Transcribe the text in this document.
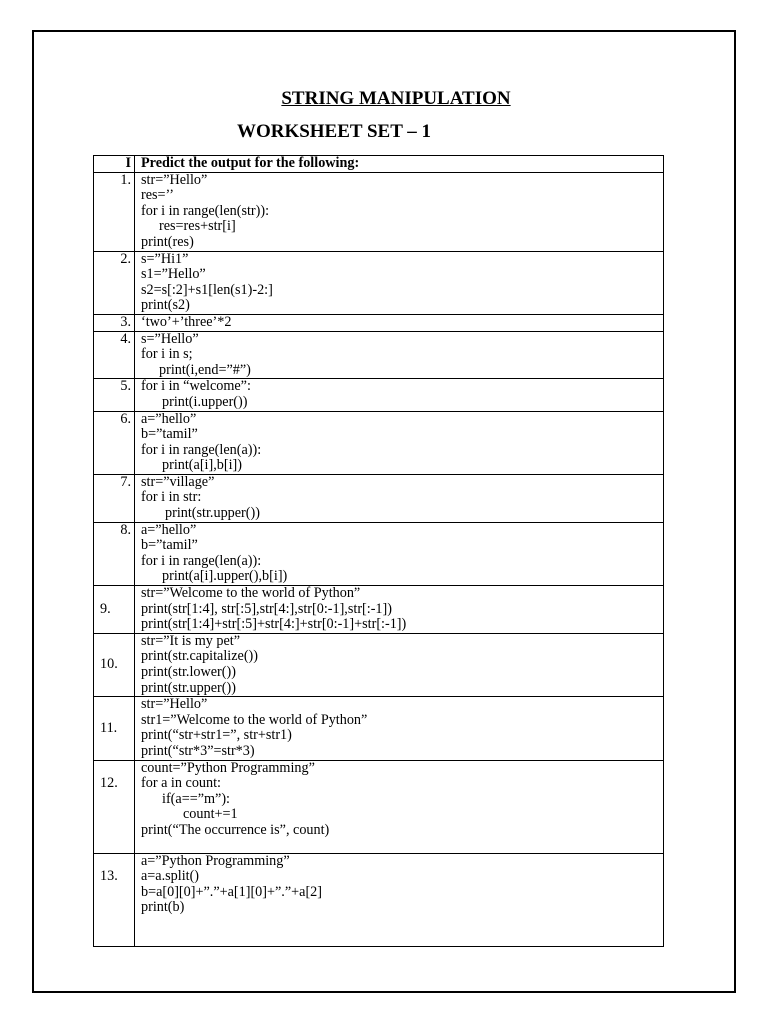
STRING MANIPULATION
WORKSHEET SET – 1
I	Predict the output for the following:
1.	str=”Hello”
res=’’
for i in range(len(str)):
res=res+str[i]
print(res)

2.	s=”Hi1”
s1=”Hello”
s2=s[:2]+s1[len(s1)-2:]
print(s2)

3.	‘two’+’three’*2

4.	s=”Hello”
for i in s;
print(i,end=”#”)

5.	for i in “welcome”:
print(i.upper())

6.	a=”hello”
b=”tamil”
for i in range(len(a)):
print(a[i],b[i])

7.	str=”village”
for i in str:
print(str.upper())

8.	a=”hello”
b=”tamil”
for i in range(len(a)):
print(a[i].upper(),b[i])

9.	str=”Welcome to the world of Python”
print(str[1:4], str[:5],str[4:],str[0:-1],str[:-1])
print(str[1:4]+str[:5]+str[4:]+str[0:-1]+str[:-1])

10.	str=”It is my pet”
print(str.capitalize())
print(str.lower())
print(str.upper())

11.	str=”Hello”
str1=”Welcome to the world of Python”
print(“str+str1=”, str+str1)
print(“str*3”=str*3)

12.	count=”Python Programming”
for a in count:
if(a==”m”):
count+=1
print(“The occurrence is”, count)

13.	a=”Python Programming”
a=a.split()
b=a[0][0]+”.”+a[1][0]+”.”+a[2]
print(b)
